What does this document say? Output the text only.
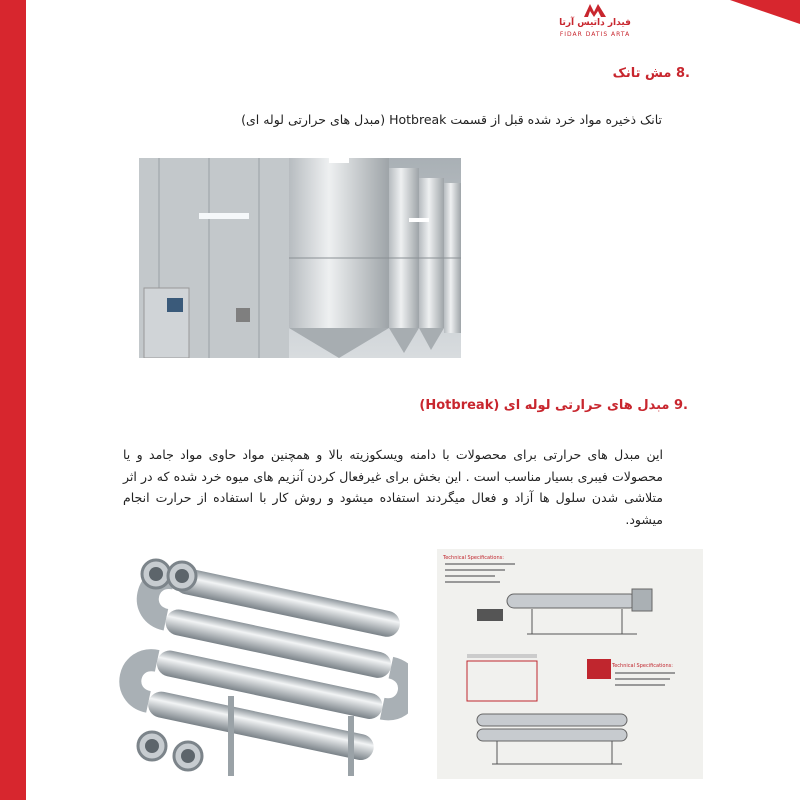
فیدار داتیس آرتا
FIDAR DATIS ARTA
.8 مش تانک
تانک ذخیره مواد خرد شده قبل از قسمت Hotbreak (مبدل های حرارتی لوله ای)
.9 مبدل های حرارتی لوله ای (Hotbreak)
این مبدل های حرارتی برای محصولات با دامنه ویسکوزیته بالا و همچنین مواد حاوی مواد جامد و یا محصولات فیبری بسیار مناسب است . این بخش برای غیرفعال کردن آنزیم های میوه خرد شده که در اثر متلاشی شدن سلول ها آزاد و فعال میگردند استفاده میشود و روش کار با استفاده از حرارت انجام میشود.
Technical Specifications:
Technical Specifications:
